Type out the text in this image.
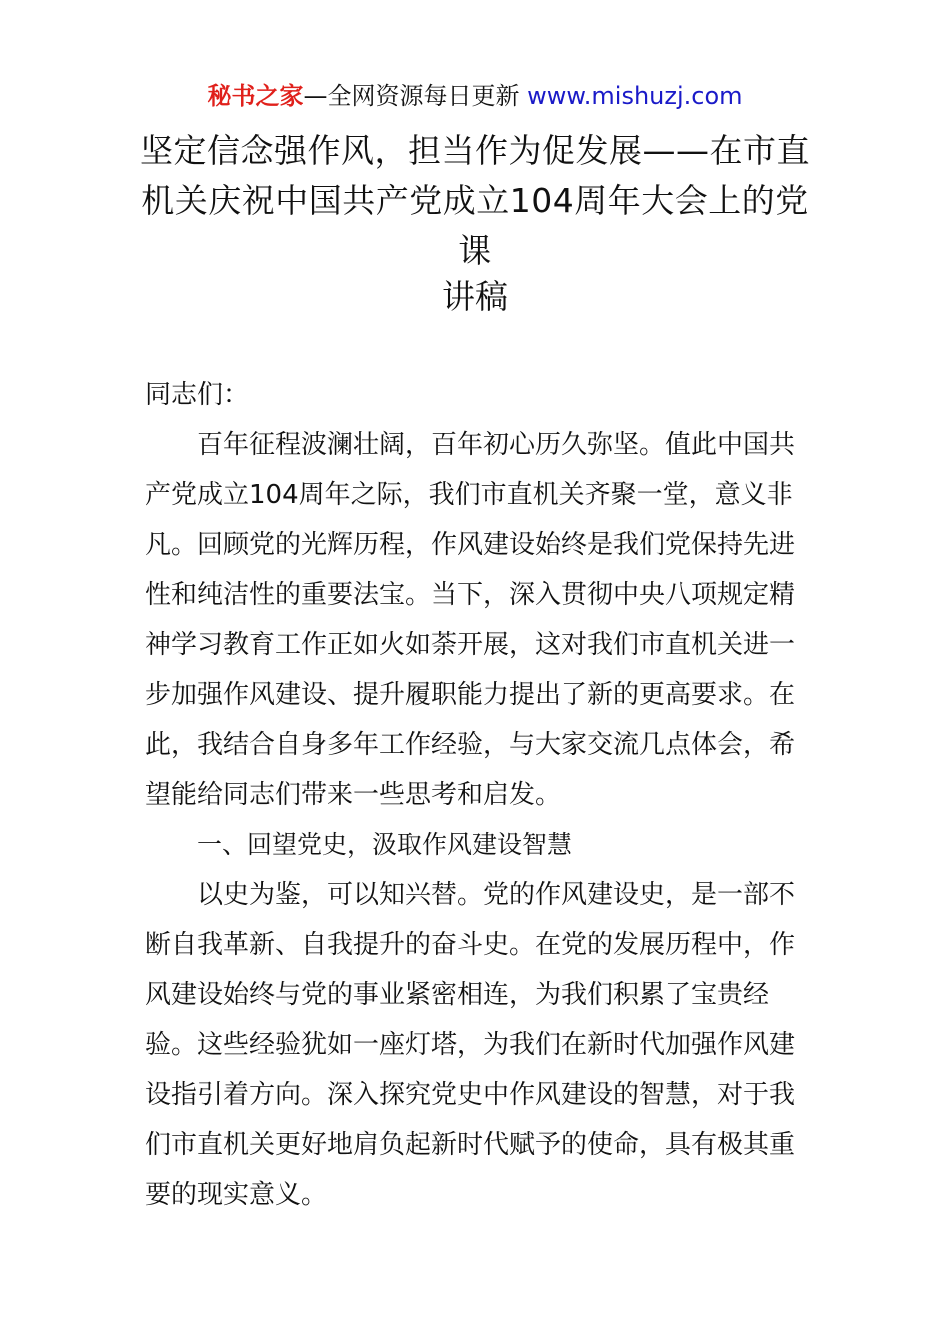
秘书之家—全网资源每日更新 www.mishuzj.com
坚定信念强作风，担当作为促发展——在市直
机关庆祝中国共产党成立104周年大会上的党
课
讲稿
同志们：
百年征程波澜壮阔，百年初心历久弥坚。值此中国共
产党成立104周年之际，我们市直机关齐聚一堂，意义非
凡。回顾党的光辉历程，作风建设始终是我们党保持先进
性和纯洁性的重要法宝。当下，深入贯彻中央八项规定精
神学习教育工作正如火如荼开展，这对我们市直机关进一
步加强作风建设、提升履职能力提出了新的更高要求。在
此，我结合自身多年工作经验，与大家交流几点体会，希
望能给同志们带来一些思考和启发。
一、回望党史，汲取作风建设智慧
以史为鉴，可以知兴替。党的作风建设史，是一部不
断自我革新、自我提升的奋斗史。在党的发展历程中，作
风建设始终与党的事业紧密相连，为我们积累了宝贵经
验。这些经验犹如一座灯塔，为我们在新时代加强作风建
设指引着方向。深入探究党史中作风建设的智慧，对于我
们市直机关更好地肩负起新时代赋予的使命，具有极其重
要的现实意义。
